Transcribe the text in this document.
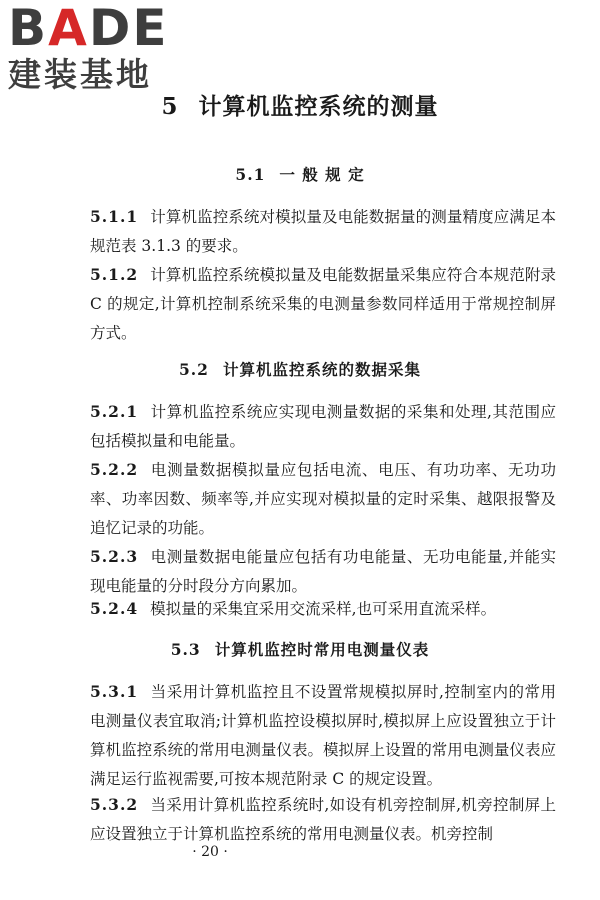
BADE
建装基地
5 计算机监控系统的测量
5.1 一 般 规 定
5.1.1 计算机监控系统对模拟量及电能数据量的测量精度应满足本规范表 3.1.3 的要求。
5.1.2 计算机监控系统模拟量及电能数据量采集应符合本规范附录 C 的规定,计算机控制系统采集的电测量参数同样适用于常规控制屏方式。
5.2 计算机监控系统的数据采集
5.2.1 计算机监控系统应实现电测量数据的采集和处理,其范围应包括模拟量和电能量。
5.2.2 电测量数据模拟量应包括电流、电压、有功功率、无功功率、功率因数、频率等,并应实现对模拟量的定时采集、越限报警及追忆记录的功能。
5.2.3 电测量数据电能量应包括有功电能量、无功电能量,并能实现电能量的分时段分方向累加。
5.2.4 模拟量的采集宜采用交流采样,也可采用直流采样。
5.3 计算机监控时常用电测量仪表
5.3.1 当采用计算机监控且不设置常规模拟屏时,控制室内的常用电测量仪表宜取消;计算机监控设模拟屏时,模拟屏上应设置独立于计算机监控系统的常用电测量仪表。模拟屏上设置的常用电测量仪表应满足运行监视需要,可按本规范附录 C 的规定设置。
5.3.2 当采用计算机监控系统时,如设有机旁控制屏,机旁控制屏上应设置独立于计算机监控系统的常用电测量仪表。机旁控制
· 20 ·
